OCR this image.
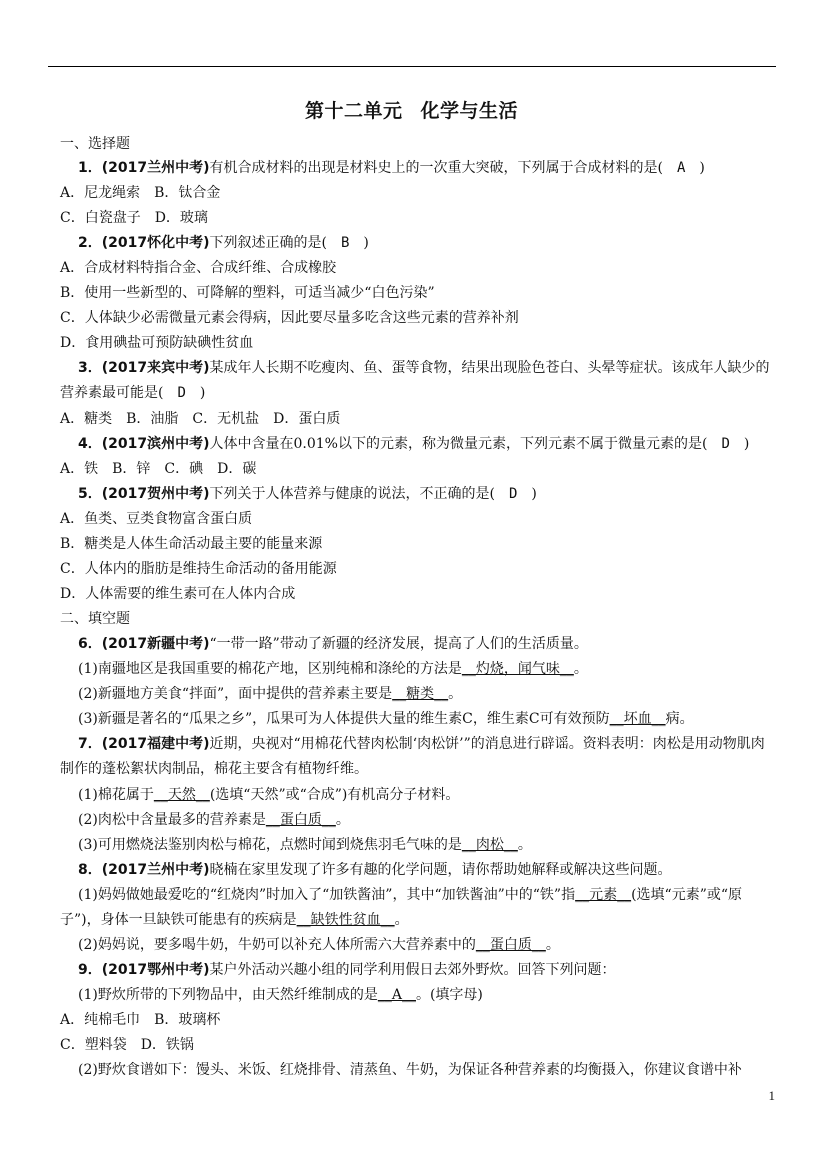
第十二单元 化学与生活
一、选择题
1．(2017兰州中考)有机合成材料的出现是材料史上的一次重大突破，下列属于合成材料的是(　A　)
A．尼龙绳索　B．钛合金
C．白瓷盘子　D．玻璃
2．(2017怀化中考)下列叙述正确的是(　B　)
A．合成材料特指合金、合成纤维、合成橡胶
B．使用一些新型的、可降解的塑料，可适当减少“白色污染”
C．人体缺少必需微量元素会得病，因此要尽量多吃含这些元素的营养补剂
D．食用碘盐可预防缺碘性贫血
3．(2017来宾中考)某成年人长期不吃瘦肉、鱼、蛋等食物，结果出现脸色苍白、头晕等症状。该成年人缺少的营养素最可能是(　D　)
A．糖类　B．油脂　C．无机盐　D．蛋白质
4．(2017滨州中考)人体中含量在0.01%以下的元素，称为微量元素，下列元素不属于微量元素的是(　D　)
A．铁　B．锌　C．碘　D．碳
5．(2017贺州中考)下列关于人体营养与健康的说法，不正确的是(　D　)
A．鱼类、豆类食物富含蛋白质
B．糖类是人体生命活动最主要的能量来源
C．人体内的脂肪是维持生命活动的备用能源
D．人体需要的维生素可在人体内合成
二、填空题
6．(2017新疆中考)“一带一路”带动了新疆的经济发展，提高了人们的生活质量。
(1)南疆地区是我国重要的棉花产地，区别纯棉和涤纶的方法是__灼烧，闻气味__。
(2)新疆地方美食“拌面”，面中提供的营养素主要是__糖类__。
(3)新疆是著名的“瓜果之乡”，瓜果可为人体提供大量的维生素C，维生素C可有效预防__坏血__病。
7．(2017福建中考)近期，央视对“用棉花代替肉松制‘肉松饼’”的消息进行辟谣。资料表明：肉松是用动物肌肉制作的蓬松絮状肉制品，棉花主要含有植物纤维。
(1)棉花属于__天然__(选填“天然”或“合成”)有机高分子材料。
(2)肉松中含量最多的营养素是__蛋白质__。
(3)可用燃烧法鉴别肉松与棉花，点燃时闻到烧焦羽毛气味的是__肉松__。
8．(2017兰州中考)晓楠在家里发现了许多有趣的化学问题，请你帮助她解释或解决这些问题。
(1)妈妈做她最爱吃的“红烧肉”时加入了“加铁酱油”，其中“加铁酱油”中的“铁”指__元素__(选填“元素”或“原子”)，身体一旦缺铁可能患有的疾病是__缺铁性贫血__。
(2)妈妈说，要多喝牛奶，牛奶可以补充人体所需六大营养素中的__蛋白质__。
9．(2017鄂州中考)某户外活动兴趣小组的同学利用假日去郊外野炊。回答下列问题：
(1)野炊所带的下列物品中，由天然纤维制成的是__A__。(填字母)
A．纯棉毛巾　B．玻璃杯
C．塑料袋　D．铁锅
(2)野炊食谱如下：馒头、米饭、红烧排骨、清蒸鱼、牛奶，为保证各种营养素的均衡摄入，你建议食谱中补
1
